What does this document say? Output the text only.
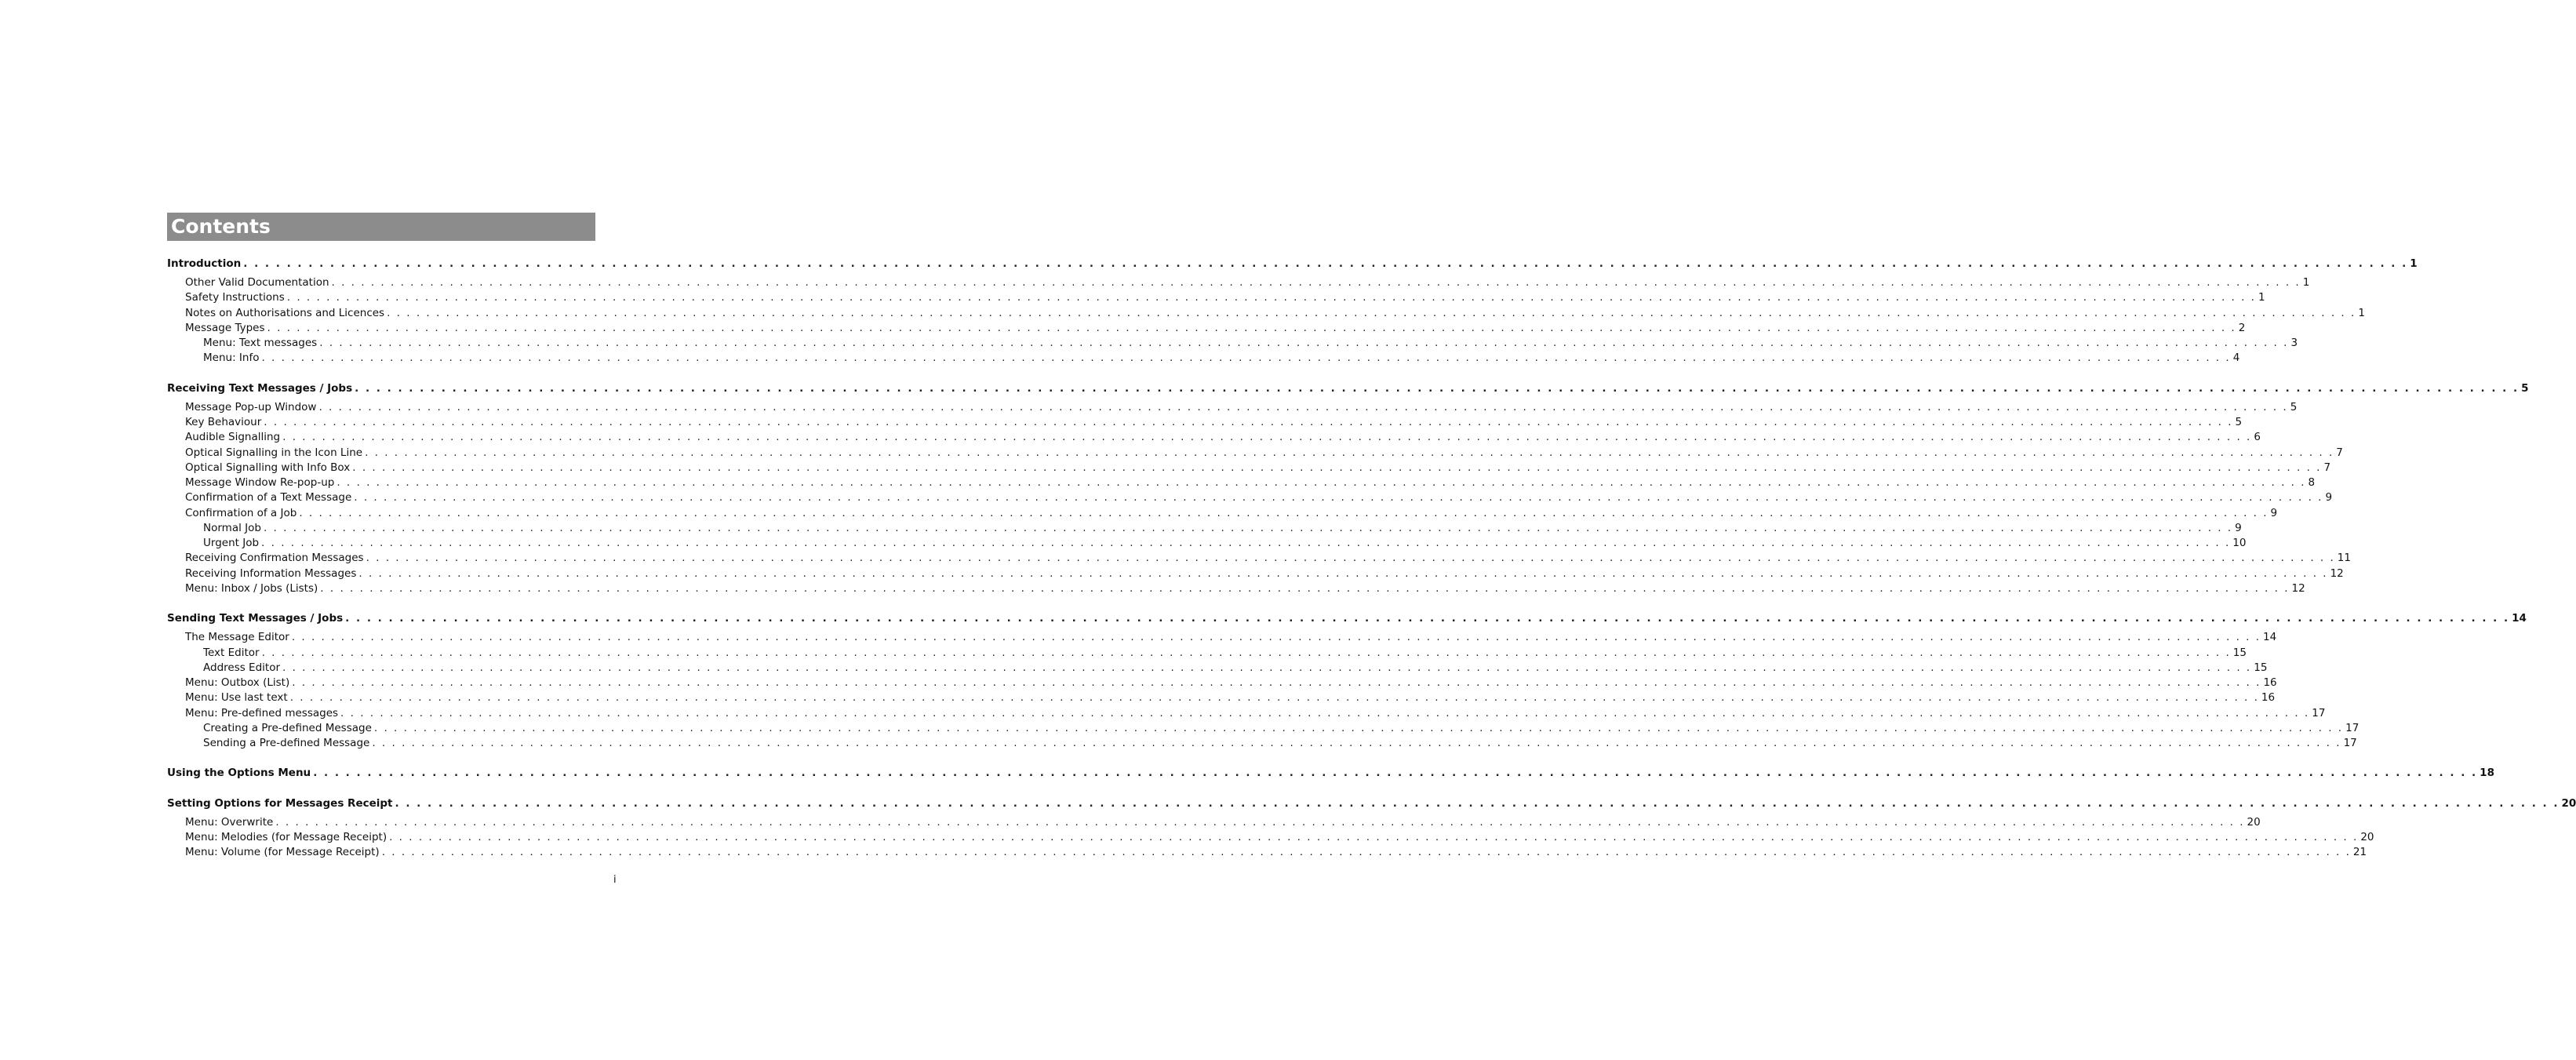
Contents
Introduction . . . . . . . . . . . . . . . . . . . . . . . . . . . . . . . . . . . . . . . . . . . . . . . . . . . . . . . . . . . . . . . . . . . . . . . . . . . . . . . . . . . . . . . . . . . . . . . . . . . . . . . . . . . . . . . . . . . . . . . . . . . . . . . . . . . . . . . . . . . . . . . . . . . . . . . . . . . . . . . . . . . . . . . . . . . . . . . . . . . . . . . . . . . . . . . . . . . . . . . . 1
Other Valid Documentation . . . . . . . . . . . . . . . . . . . . . . . . . . . . . . . . . . . . . . . . . . . . . . . . . . . . . . . . . . . . . . . . . . . . . . . . . . . . . . . . . . . . . . . . . . . . . . . . . . . . . . . . . . . . . . . . . . . . . . . . . . . . . . . . . . . . . . . . . . . . . . . . . . . . . . . . . . . . . . . . . . . . . . . . . . . . . . . . . . . . . . . . . . . . . . . . . . . . . . . . 1
Safety Instructions . . . . . . . . . . . . . . . . . . . . . . . . . . . . . . . . . . . . . . . . . . . . . . . . . . . . . . . . . . . . . . . . . . . . . . . . . . . . . . . . . . . . . . . . . . . . . . . . . . . . . . . . . . . . . . . . . . . . . . . . . . . . . . . . . . . . . . . . . . . . . . . . . . . . . . . . . . . . . . . . . . . . . . . . . . . . . . . . . . . . . . . . . . . . . . . . . . . . . . . . 1
Notes on Authorisations and Licences . . . . . . . . . . . . . . . . . . . . . . . . . . . . . . . . . . . . . . . . . . . . . . . . . . . . . . . . . . . . . . . . . . . . . . . . . . . . . . . . . . . . . . . . . . . . . . . . . . . . . . . . . . . . . . . . . . . . . . . . . . . . . . . . . . . . . . . . . . . . . . . . . . . . . . . . . . . . . . . . . . . . . . . . . . . . . . . . . . . . . . . . . . . . . . . . . . . . . . . . 1
Message Types . . . . . . . . . . . . . . . . . . . . . . . . . . . . . . . . . . . . . . . . . . . . . . . . . . . . . . . . . . . . . . . . . . . . . . . . . . . . . . . . . . . . . . . . . . . . . . . . . . . . . . . . . . . . . . . . . . . . . . . . . . . . . . . . . . . . . . . . . . . . . . . . . . . . . . . . . . . . . . . . . . . . . . . . . . . . . . . . . . . . . . . . . . . . . . . . . . . . . . . . 2
Menu: Text messages . . . . . . . . . . . . . . . . . . . . . . . . . . . . . . . . . . . . . . . . . . . . . . . . . . . . . . . . . . . . . . . . . . . . . . . . . . . . . . . . . . . . . . . . . . . . . . . . . . . . . . . . . . . . . . . . . . . . . . . . . . . . . . . . . . . . . . . . . . . . . . . . . . . . . . . . . . . . . . . . . . . . . . . . . . . . . . . . . . . . . . . . . . . . . . . . . . . . . . . . 3
Menu: Info . . . . . . . . . . . . . . . . . . . . . . . . . . . . . . . . . . . . . . . . . . . . . . . . . . . . . . . . . . . . . . . . . . . . . . . . . . . . . . . . . . . . . . . . . . . . . . . . . . . . . . . . . . . . . . . . . . . . . . . . . . . . . . . . . . . . . . . . . . . . . . . . . . . . . . . . . . . . . . . . . . . . . . . . . . . . . . . . . . . . . . . . . . . . . . . . . . . . . . . . 4
Receiving Text Messages / Jobs . . . . . . . . . . . . . . . . . . . . . . . . . . . . . . . . . . . . . . . . . . . . . . . . . . . . . . . . . . . . . . . . . . . . . . . . . . . . . . . . . . . . . . . . . . . . . . . . . . . . . . . . . . . . . . . . . . . . . . . . . . . . . . . . . . . . . . . . . . . . . . . . . . . . . . . . . . . . . . . . . . . . . . . . . . . . . . . . . . . . . . . . . . . . . . . . . . . . . . . . 5
Message Pop-up Window . . . . . . . . . . . . . . . . . . . . . . . . . . . . . . . . . . . . . . . . . . . . . . . . . . . . . . . . . . . . . . . . . . . . . . . . . . . . . . . . . . . . . . . . . . . . . . . . . . . . . . . . . . . . . . . . . . . . . . . . . . . . . . . . . . . . . . . . . . . . . . . . . . . . . . . . . . . . . . . . . . . . . . . . . . . . . . . . . . . . . . . . . . . . . . . . . . . . . . . . 5
Key Behaviour . . . . . . . . . . . . . . . . . . . . . . . . . . . . . . . . . . . . . . . . . . . . . . . . . . . . . . . . . . . . . . . . . . . . . . . . . . . . . . . . . . . . . . . . . . . . . . . . . . . . . . . . . . . . . . . . . . . . . . . . . . . . . . . . . . . . . . . . . . . . . . . . . . . . . . . . . . . . . . . . . . . . . . . . . . . . . . . . . . . . . . . . . . . . . . . . . . . . . . . . 5
Audible Signalling . . . . . . . . . . . . . . . . . . . . . . . . . . . . . . . . . . . . . . . . . . . . . . . . . . . . . . . . . . . . . . . . . . . . . . . . . . . . . . . . . . . . . . . . . . . . . . . . . . . . . . . . . . . . . . . . . . . . . . . . . . . . . . . . . . . . . . . . . . . . . . . . . . . . . . . . . . . . . . . . . . . . . . . . . . . . . . . . . . . . . . . . . . . . . . . . . . . . . . . . 6
Optical Signalling in the Icon Line . . . . . . . . . . . . . . . . . . . . . . . . . . . . . . . . . . . . . . . . . . . . . . . . . . . . . . . . . . . . . . . . . . . . . . . . . . . . . . . . . . . . . . . . . . . . . . . . . . . . . . . . . . . . . . . . . . . . . . . . . . . . . . . . . . . . . . . . . . . . . . . . . . . . . . . . . . . . . . . . . . . . . . . . . . . . . . . . . . . . . . . . . . . . . . . . . . . . . . . . 7
Optical Signalling with Info Box . . . . . . . . . . . . . . . . . . . . . . . . . . . . . . . . . . . . . . . . . . . . . . . . . . . . . . . . . . . . . . . . . . . . . . . . . . . . . . . . . . . . . . . . . . . . . . . . . . . . . . . . . . . . . . . . . . . . . . . . . . . . . . . . . . . . . . . . . . . . . . . . . . . . . . . . . . . . . . . . . . . . . . . . . . . . . . . . . . . . . . . . . . . . . . . . . . . . . . . . 7
Message Window Re-pop-up . . . . . . . . . . . . . . . . . . . . . . . . . . . . . . . . . . . . . . . . . . . . . . . . . . . . . . . . . . . . . . . . . . . . . . . . . . . . . . . . . . . . . . . . . . . . . . . . . . . . . . . . . . . . . . . . . . . . . . . . . . . . . . . . . . . . . . . . . . . . . . . . . . . . . . . . . . . . . . . . . . . . . . . . . . . . . . . . . . . . . . . . . . . . . . . . . . . . . . . . 8
Confirmation of a Text Message . . . . . . . . . . . . . . . . . . . . . . . . . . . . . . . . . . . . . . . . . . . . . . . . . . . . . . . . . . . . . . . . . . . . . . . . . . . . . . . . . . . . . . . . . . . . . . . . . . . . . . . . . . . . . . . . . . . . . . . . . . . . . . . . . . . . . . . . . . . . . . . . . . . . . . . . . . . . . . . . . . . . . . . . . . . . . . . . . . . . . . . . . . . . . . . . . . . . . . . . 9
Confirmation of a Job . . . . . . . . . . . . . . . . . . . . . . . . . . . . . . . . . . . . . . . . . . . . . . . . . . . . . . . . . . . . . . . . . . . . . . . . . . . . . . . . . . . . . . . . . . . . . . . . . . . . . . . . . . . . . . . . . . . . . . . . . . . . . . . . . . . . . . . . . . . . . . . . . . . . . . . . . . . . . . . . . . . . . . . . . . . . . . . . . . . . . . . . . . . . . . . . . . . . . . . . 9
Normal Job . . . . . . . . . . . . . . . . . . . . . . . . . . . . . . . . . . . . . . . . . . . . . . . . . . . . . . . . . . . . . . . . . . . . . . . . . . . . . . . . . . . . . . . . . . . . . . . . . . . . . . . . . . . . . . . . . . . . . . . . . . . . . . . . . . . . . . . . . . . . . . . . . . . . . . . . . . . . . . . . . . . . . . . . . . . . . . . . . . . . . . . . . . . . . . . . . . . . . . . . 9
Urgent Job . . . . . . . . . . . . . . . . . . . . . . . . . . . . . . . . . . . . . . . . . . . . . . . . . . . . . . . . . . . . . . . . . . . . . . . . . . . . . . . . . . . . . . . . . . . . . . . . . . . . . . . . . . . . . . . . . . . . . . . . . . . . . . . . . . . . . . . . . . . . . . . . . . . . . . . . . . . . . . . . . . . . . . . . . . . . . . . . . . . . . . . . . . . . . . . . . . . . . . . . 10
Receiving Confirmation Messages . . . . . . . . . . . . . . . . . . . . . . . . . . . . . . . . . . . . . . . . . . . . . . . . . . . . . . . . . . . . . . . . . . . . . . . . . . . . . . . . . . . . . . . . . . . . . . . . . . . . . . . . . . . . . . . . . . . . . . . . . . . . . . . . . . . . . . . . . . . . . . . . . . . . . . . . . . . . . . . . . . . . . . . . . . . . . . . . . . . . . . . . . . . . . . . . . . . . . . . . 11
Receiving Information Messages . . . . . . . . . . . . . . . . . . . . . . . . . . . . . . . . . . . . . . . . . . . . . . . . . . . . . . . . . . . . . . . . . . . . . . . . . . . . . . . . . . . . . . . . . . . . . . . . . . . . . . . . . . . . . . . . . . . . . . . . . . . . . . . . . . . . . . . . . . . . . . . . . . . . . . . . . . . . . . . . . . . . . . . . . . . . . . . . . . . . . . . . . . . . . . . . . . . . . . . . 12
Menu: Inbox / Jobs (Lists) . . . . . . . . . . . . . . . . . . . . . . . . . . . . . . . . . . . . . . . . . . . . . . . . . . . . . . . . . . . . . . . . . . . . . . . . . . . . . . . . . . . . . . . . . . . . . . . . . . . . . . . . . . . . . . . . . . . . . . . . . . . . . . . . . . . . . . . . . . . . . . . . . . . . . . . . . . . . . . . . . . . . . . . . . . . . . . . . . . . . . . . . . . . . . . . . . . . . . . . . 12
Sending Text Messages / Jobs . . . . . . . . . . . . . . . . . . . . . . . . . . . . . . . . . . . . . . . . . . . . . . . . . . . . . . . . . . . . . . . . . . . . . . . . . . . . . . . . . . . . . . . . . . . . . . . . . . . . . . . . . . . . . . . . . . . . . . . . . . . . . . . . . . . . . . . . . . . . . . . . . . . . . . . . . . . . . . . . . . . . . . . . . . . . . . . . . . . . . . . . . . . . . . . . . . . . . . . . 14
The Message Editor . . . . . . . . . . . . . . . . . . . . . . . . . . . . . . . . . . . . . . . . . . . . . . . . . . . . . . . . . . . . . . . . . . . . . . . . . . . . . . . . . . . . . . . . . . . . . . . . . . . . . . . . . . . . . . . . . . . . . . . . . . . . . . . . . . . . . . . . . . . . . . . . . . . . . . . . . . . . . . . . . . . . . . . . . . . . . . . . . . . . . . . . . . . . . . . . . . . . . . . . 14
Text Editor . . . . . . . . . . . . . . . . . . . . . . . . . . . . . . . . . . . . . . . . . . . . . . . . . . . . . . . . . . . . . . . . . . . . . . . . . . . . . . . . . . . . . . . . . . . . . . . . . . . . . . . . . . . . . . . . . . . . . . . . . . . . . . . . . . . . . . . . . . . . . . . . . . . . . . . . . . . . . . . . . . . . . . . . . . . . . . . . . . . . . . . . . . . . . . . . . . . . . . . . 15
Address Editor . . . . . . . . . . . . . . . . . . . . . . . . . . . . . . . . . . . . . . . . . . . . . . . . . . . . . . . . . . . . . . . . . . . . . . . . . . . . . . . . . . . . . . . . . . . . . . . . . . . . . . . . . . . . . . . . . . . . . . . . . . . . . . . . . . . . . . . . . . . . . . . . . . . . . . . . . . . . . . . . . . . . . . . . . . . . . . . . . . . . . . . . . . . . . . . . . . . . . . . . 15
Menu: Outbox (List) . . . . . . . . . . . . . . . . . . . . . . . . . . . . . . . . . . . . . . . . . . . . . . . . . . . . . . . . . . . . . . . . . . . . . . . . . . . . . . . . . . . . . . . . . . . . . . . . . . . . . . . . . . . . . . . . . . . . . . . . . . . . . . . . . . . . . . . . . . . . . . . . . . . . . . . . . . . . . . . . . . . . . . . . . . . . . . . . . . . . . . . . . . . . . . . . . . . . . . . . 16
Menu: Use last text . . . . . . . . . . . . . . . . . . . . . . . . . . . . . . . . . . . . . . . . . . . . . . . . . . . . . . . . . . . . . . . . . . . . . . . . . . . . . . . . . . . . . . . . . . . . . . . . . . . . . . . . . . . . . . . . . . . . . . . . . . . . . . . . . . . . . . . . . . . . . . . . . . . . . . . . . . . . . . . . . . . . . . . . . . . . . . . . . . . . . . . . . . . . . . . . . . . . . . . . 16
Menu: Pre-defined messages . . . . . . . . . . . . . . . . . . . . . . . . . . . . . . . . . . . . . . . . . . . . . . . . . . . . . . . . . . . . . . . . . . . . . . . . . . . . . . . . . . . . . . . . . . . . . . . . . . . . . . . . . . . . . . . . . . . . . . . . . . . . . . . . . . . . . . . . . . . . . . . . . . . . . . . . . . . . . . . . . . . . . . . . . . . . . . . . . . . . . . . . . . . . . . . . . . . . . . . . 17
Creating a Pre-defined Message . . . . . . . . . . . . . . . . . . . . . . . . . . . . . . . . . . . . . . . . . . . . . . . . . . . . . . . . . . . . . . . . . . . . . . . . . . . . . . . . . . . . . . . . . . . . . . . . . . . . . . . . . . . . . . . . . . . . . . . . . . . . . . . . . . . . . . . . . . . . . . . . . . . . . . . . . . . . . . . . . . . . . . . . . . . . . . . . . . . . . . . . . . . . . . . . . . . . . . . . 17
Sending a Pre-defined Message . . . . . . . . . . . . . . . . . . . . . . . . . . . . . . . . . . . . . . . . . . . . . . . . . . . . . . . . . . . . . . . . . . . . . . . . . . . . . . . . . . . . . . . . . . . . . . . . . . . . . . . . . . . . . . . . . . . . . . . . . . . . . . . . . . . . . . . . . . . . . . . . . . . . . . . . . . . . . . . . . . . . . . . . . . . . . . . . . . . . . . . . . . . . . . . . . . . . . . . . 17
Using the Options Menu . . . . . . . . . . . . . . . . . . . . . . . . . . . . . . . . . . . . . . . . . . . . . . . . . . . . . . . . . . . . . . . . . . . . . . . . . . . . . . . . . . . . . . . . . . . . . . . . . . . . . . . . . . . . . . . . . . . . . . . . . . . . . . . . . . . . . . . . . . . . . . . . . . . . . . . . . . . . . . . . . . . . . . . . . . . . . . . . . . . . . . . . . . . . . . . . . . . . . . . . 18
Setting Options for Messages Receipt . . . . . . . . . . . . . . . . . . . . . . . . . . . . . . . . . . . . . . . . . . . . . . . . . . . . . . . . . . . . . . . . . . . . . . . . . . . . . . . . . . . . . . . . . . . . . . . . . . . . . . . . . . . . . . . . . . . . . . . . . . . . . . . . . . . . . . . . . . . . . . . . . . . . . . . . . . . . . . . . . . . . . . . . . . . . . . . . . . . . . . . . . . . . . . . . . . . . . . . . 20
Menu: Overwrite . . . . . . . . . . . . . . . . . . . . . . . . . . . . . . . . . . . . . . . . . . . . . . . . . . . . . . . . . . . . . . . . . . . . . . . . . . . . . . . . . . . . . . . . . . . . . . . . . . . . . . . . . . . . . . . . . . . . . . . . . . . . . . . . . . . . . . . . . . . . . . . . . . . . . . . . . . . . . . . . . . . . . . . . . . . . . . . . . . . . . . . . . . . . . . . . . . . . . . . . 20
Menu: Melodies (for Message Receipt) . . . . . . . . . . . . . . . . . . . . . . . . . . . . . . . . . . . . . . . . . . . . . . . . . . . . . . . . . . . . . . . . . . . . . . . . . . . . . . . . . . . . . . . . . . . . . . . . . . . . . . . . . . . . . . . . . . . . . . . . . . . . . . . . . . . . . . . . . . . . . . . . . . . . . . . . . . . . . . . . . . . . . . . . . . . . . . . . . . . . . . . . . . . . . . . . . . . . . . . . 20
Menu: Volume (for Message Receipt) . . . . . . . . . . . . . . . . . . . . . . . . . . . . . . . . . . . . . . . . . . . . . . . . . . . . . . . . . . . . . . . . . . . . . . . . . . . . . . . . . . . . . . . . . . . . . . . . . . . . . . . . . . . . . . . . . . . . . . . . . . . . . . . . . . . . . . . . . . . . . . . . . . . . . . . . . . . . . . . . . . . . . . . . . . . . . . . . . . . . . . . . . . . . . . . . . . . . . . . . 21
i
